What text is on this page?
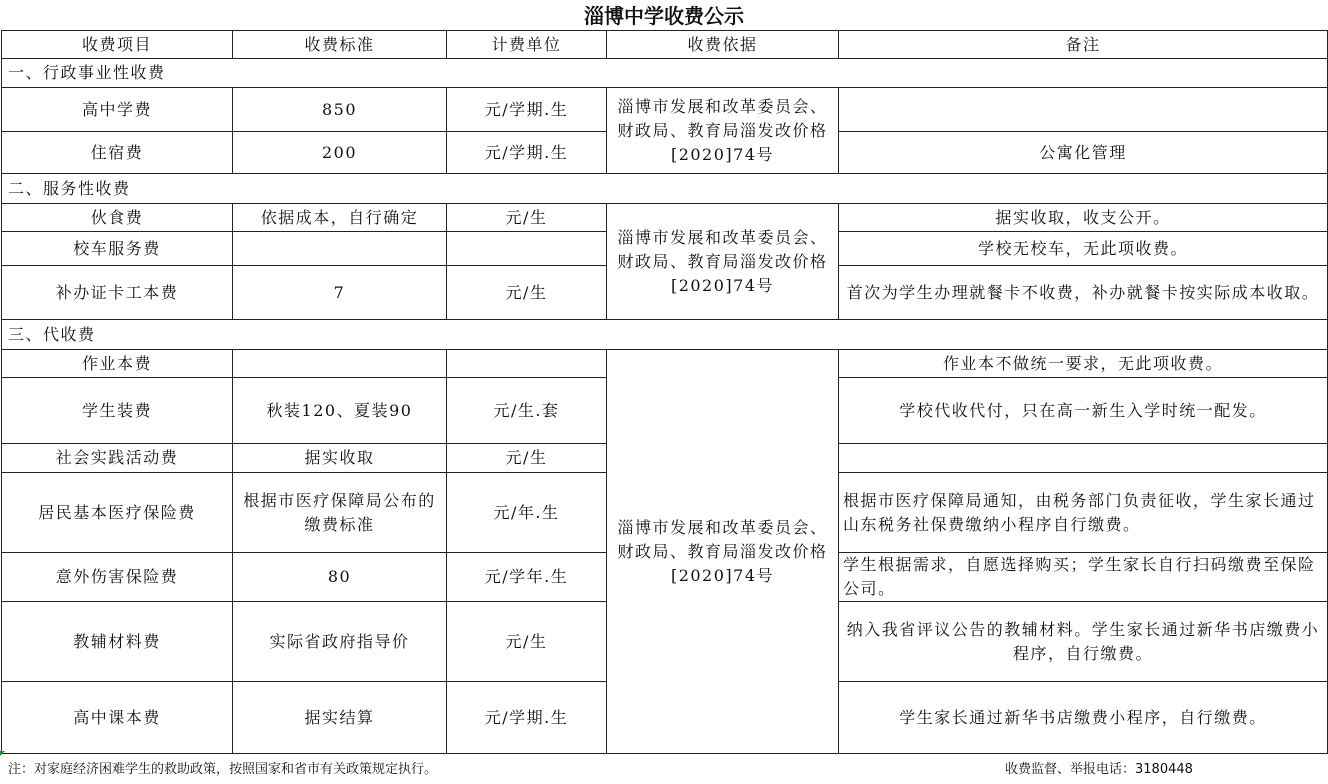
淄博中学收费公示
收费项目	收费标准	计费单位	收费依据	备注
一、行政事业性收费				
高中学费	850	元/学期.生	淄博市发展和改革委员会、财政局、教育局淄发改价格[2020]74号	
住宿费	200	元/学期.生		公寓化管理
二、服务性收费				
伙食费	依据成本，自行确定	元/生	淄博市发展和改革委员会、财政局、教育局淄发改价格[2020]74号	据实收取，收支公开。
校车服务费				学校无校车，无此项收费。
补办证卡工本费	7	元/生		首次为学生办理就餐卡不收费，补办就餐卡按实际成本收取。
三、代收费				
作业本费			淄博市发展和改革委员会、财政局、教育局淄发改价格[2020]74号	作业本不做统一要求，无此项收费。
学生装费	秋装120、夏装90	元/生.套		学校代收代付，只在高一新生入学时统一配发。
社会实践活动费	据实收取	元/生		
居民基本医疗保险费	根据市医疗保障局公布的缴费标准	元/年.生		根据市医疗保障局通知，由税务部门负责征收，学生家长通过山东税务社保费缴纳小程序自行缴费。
意外伤害保险费	80	元/学年.生		学生根据需求，自愿选择购买；学生家长自行扫码缴费至保险公司。
教辅材料费	实际省政府指导价	元/生		纳入我省评议公告的教辅材料。学生家长通过新华书店缴费小程序，自行缴费。
高中课本费	据实结算	元/学期.生		学生家长通过新华书店缴费小程序，自行缴费。
注：对家庭经济困难学生的救助政策，按照国家和省市有关政策规定执行。	收费监督、举报电话：3180448
